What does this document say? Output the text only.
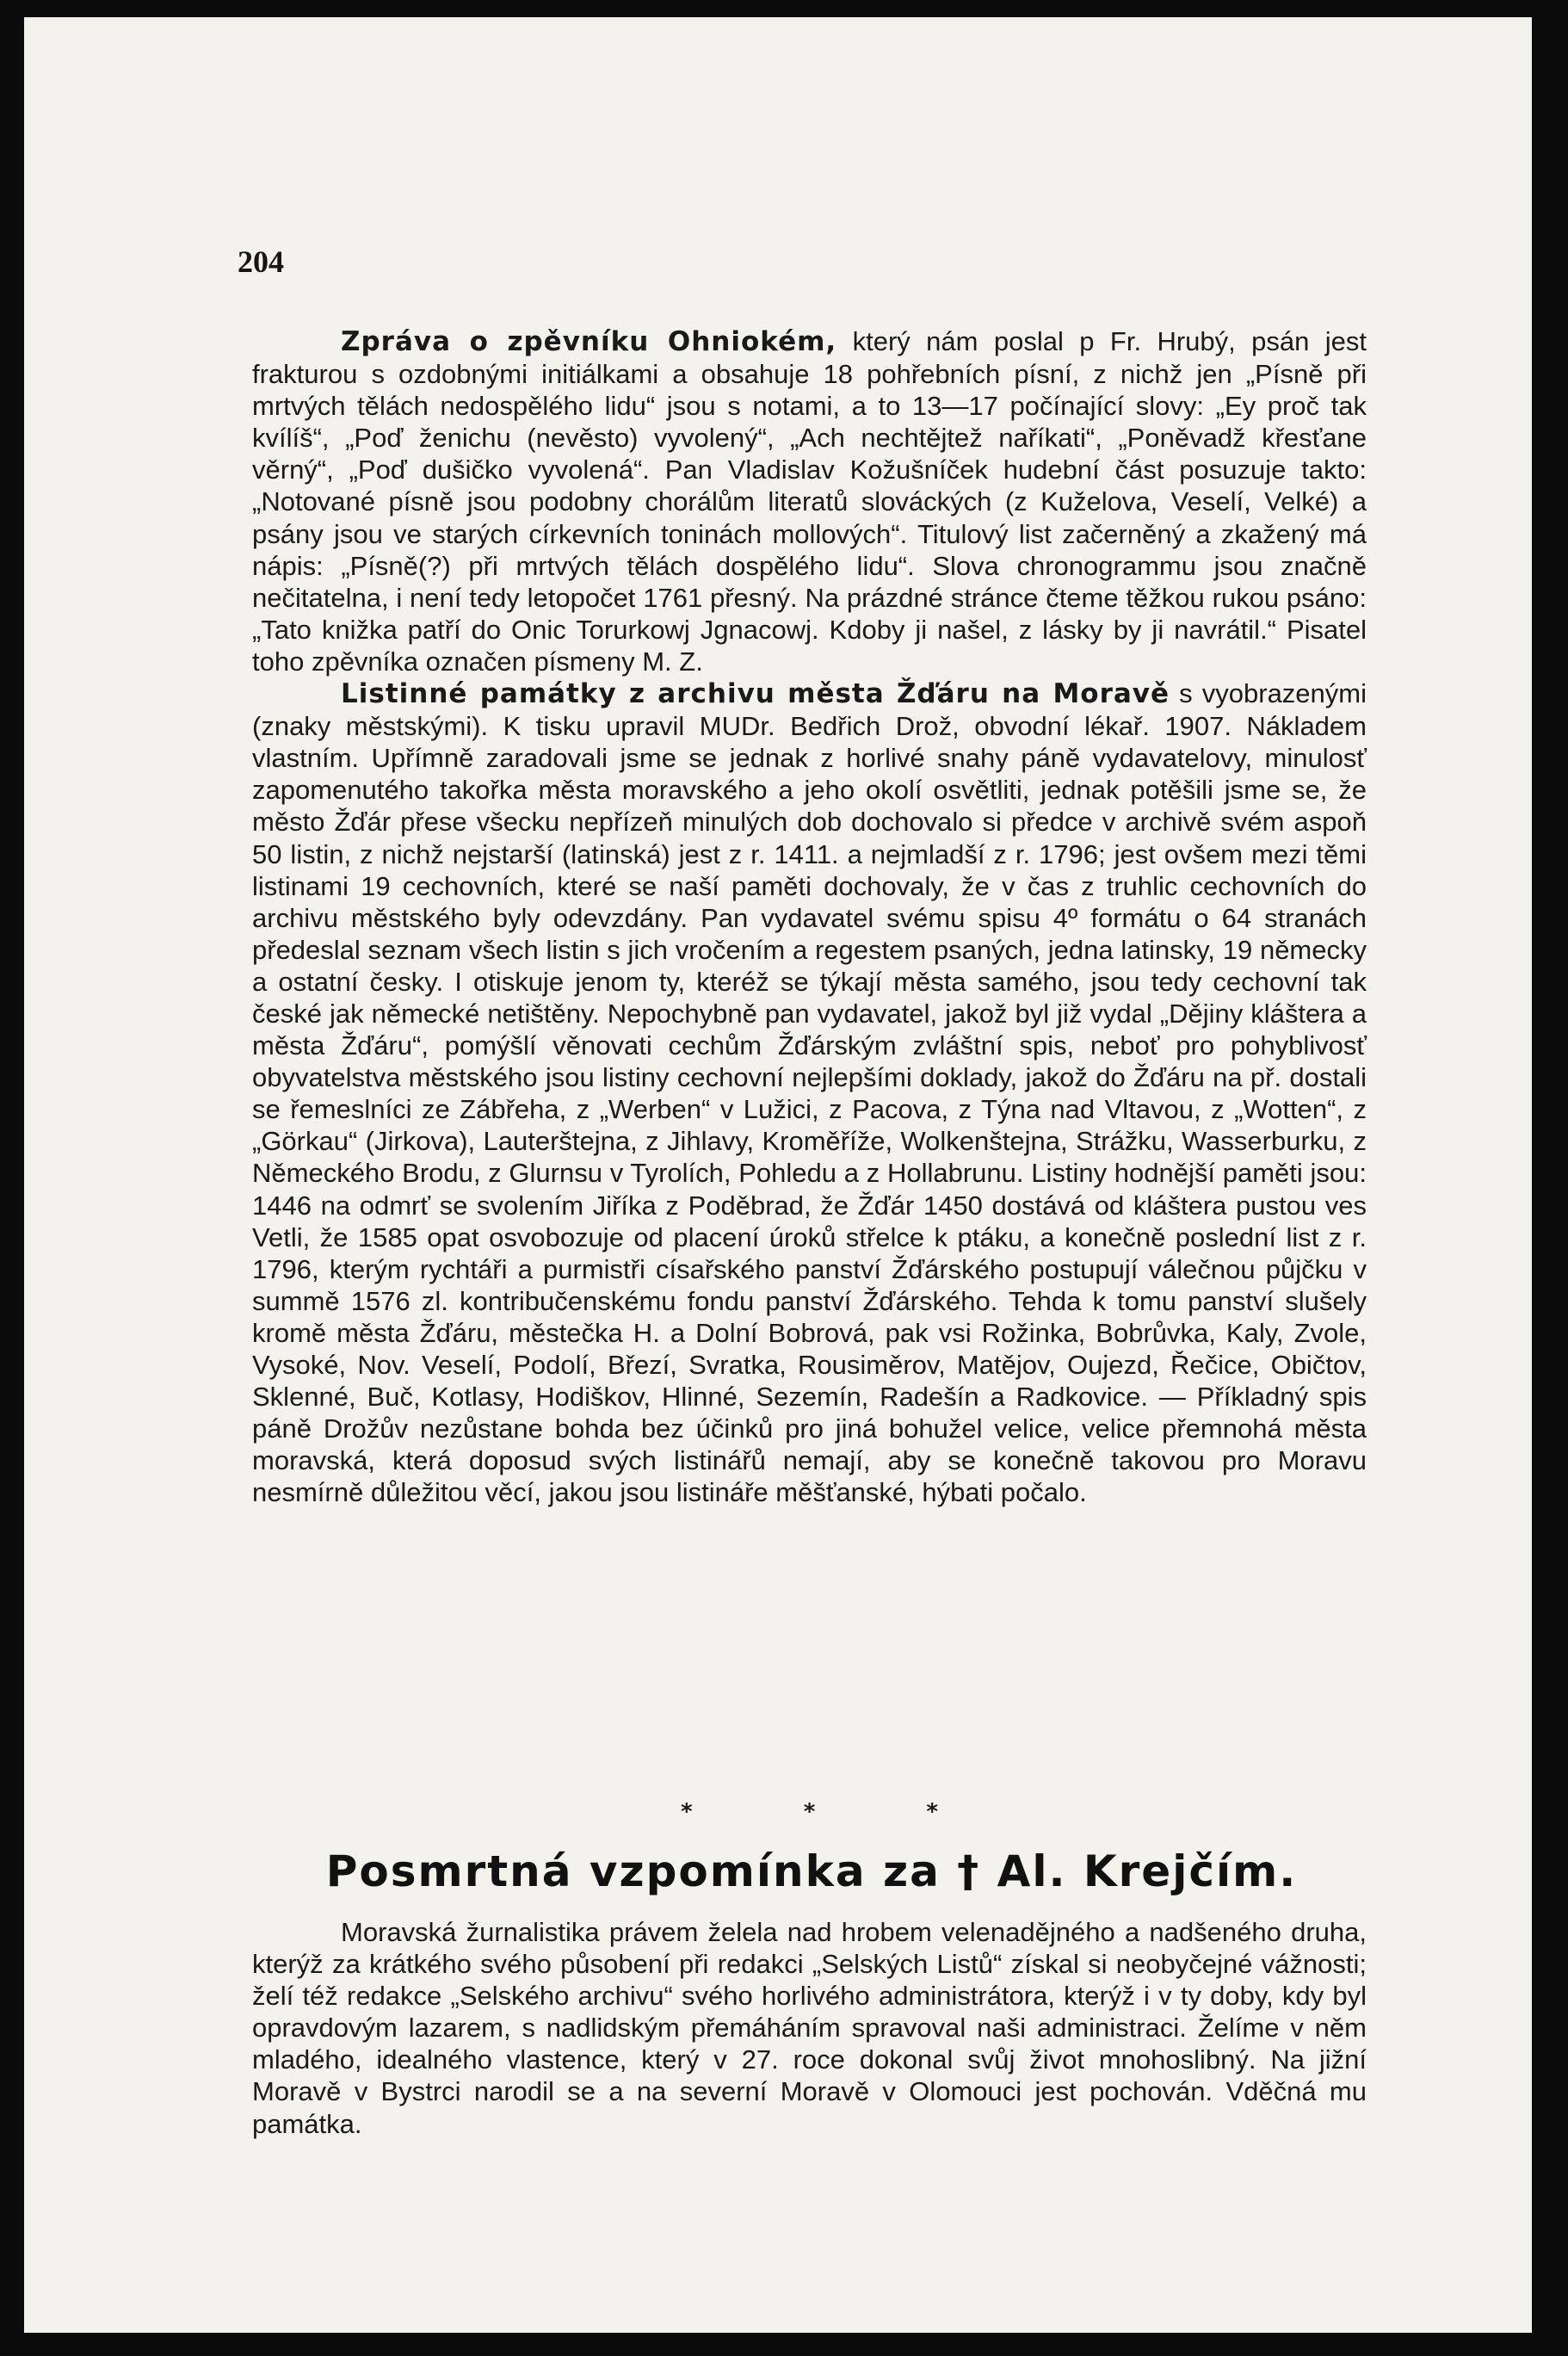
204

Zpráva o zpěvníku Ohniokém, který nám poslal p Fr. Hrubý, psán jest frakturou s ozdobnými initiálkami a obsahuje 18 pohřebních písní, z nichž jen „Písně při mrtvých tělách nedospělého lidu“ jsou s notami, a to 13—17 počínající slovy: „Ey proč tak kvílíš“, „Poď ženichu (nevěsto) vyvolený“, „Ach nechtějtež naříkati“, „Poněvadž křesťane věrný“, „Poď dušičko vyvolená“. Pan Vladislav Kožušníček hudební část posuzuje takto: „Notované písně jsou podobny chorálům literatů slováckých (z Kuželova, Veselí, Velké) a psány jsou ve starých církevních toninách mollových“. Titulový list začerněný a zkažený má nápis: „Písně(?) při mrtvých tělách dospělého lidu“. Slova chronogrammu jsou značně nečitatelna, i není tedy letopočet 1761 přesný. Na prázdné stránce čteme těžkou rukou psáno: „Tato knižka patří do Onic Torurkowj Jgnacowj. Kdoby ji našel, z lásky by ji navrátil.“ Pisatel toho zpěvníka označen písmeny M. Z.

Listinné památky z archivu města Žďáru na Moravě s vyobrazenými (znaky městskými). K tisku upravil MUDr. Bedřich Drož, obvodní lékař. 1907. Nákladem vlastním. Upřímně zaradovali jsme se jednak z horlivé snahy páně vydavatelovy, minulosť zapomenutého takořka města moravského a jeho okolí osvětliti, jednak potěšili jsme se, že město Žďár přese všecku nepřízeň minulých dob dochovalo si předce v archivě svém aspoň 50 listin, z nichž nejstarší (latinská) jest z r. 1411. a nejmladší z r. 1796; jest ovšem mezi těmi listinami 19 cechovních, které se naší paměti dochovaly, že v čas z truhlic cechovních do archivu městského byly odevzdány. Pan vydavatel svému spisu 4º formátu o 64 stranách předeslal seznam všech listin s jich vročením a regestem psaných, jedna latinsky, 19 německy a ostatní česky. I otiskuje jenom ty, kteréž se týkají města samého, jsou tedy cechovní tak české jak německé netištěny. Nepochybně pan vydavatel, jakož byl již vydal „Dějiny kláštera a města Žďáru“, pomýšlí věnovati cechům Žďárským zvláštní spis, neboť pro pohyblivosť obyvatelstva městského jsou listiny cechovní nejlepšími doklady, jakož do Žďáru na př. dostali se řemeslníci ze Zábřeha, z „Werben“ v Lužici, z Pacova, z Týna nad Vltavou, z „Wotten“, z „Görkau“ (Jirkova), Lauterštejna, z Jihlavy, Kroměříže, Wolkenštejna, Strážku, Wasserburku, z Německého Brodu, z Glurnsu v Tyrolích, Pohledu a z Hollabrunu. Listiny hodnější paměti jsou: 1446 na odmrť se svolením Jiříka z Poděbrad, že Žďár 1450 dostává od kláštera pustou ves Vetli, že 1585 opat osvobozuje od placení úroků střelce k ptáku, a konečně poslední list z r. 1796, kterým rychtáři a purmistři císařského panství Žďárského postupují válečnou půjčku v summě 1576 zl. kontribučenskému fondu panství Žďárského. Tehda k tomu panství slušely kromě města Žďáru, městečka H. a Dolní Bobrová, pak vsi Rožinka, Bobrůvka, Kaly, Zvole, Vysoké, Nov. Veselí, Podolí, Březí, Svratka, Rousiměrov, Matějov, Oujezd, Řečice, Običtov, Sklenné, Buč, Kotlasy, Hodiškov, Hlinné, Sezemín, Radešín a Radkovice. — Příkladný spis páně Drožův nezůstane bohda bez účinků pro jiná bohužel velice, velice přemnohá města moravská, která doposud svých listinářů nemají, aby se konečně takovou pro Moravu nesmírně důležitou věcí, jakou jsou listináře měšťanské, hýbati počalo.

* * *
Posmrtná vzpomínka za † Al. Krejčím.

Moravská žurnalistika právem želela nad hrobem velenadějného a nadšeného druha, kterýž za krátkého svého působení při redakci „Selských Listů“ získal si neobyčejné vážnosti; želí též redakce „Selského archivu“ svého horlivého administrátora, kterýž i v ty doby, kdy byl opravdovým lazarem, s nadlidským přemáháním spravoval naši administraci. Želíme v něm mladého, idealného vlastence, který v 27. roce dokonal svůj život mnohoslibný. Na jižní Moravě v Bystrci narodil se a na severní Moravě v Olomouci jest pochován. Vděčná mu památka.
